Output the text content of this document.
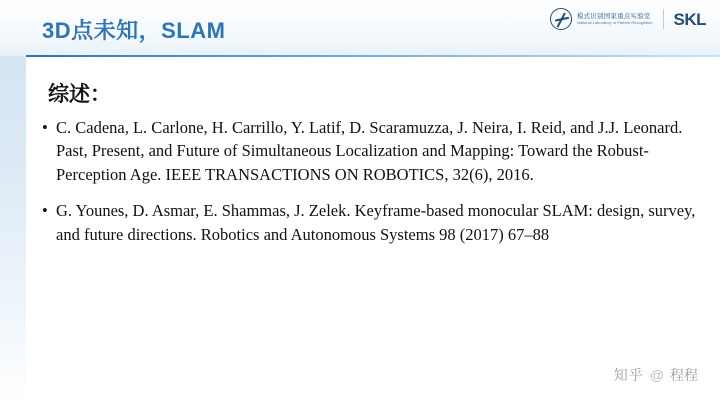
3D点未知，SLAM
模式识别国家重点实验室
National Laboratory of Pattern Recognition SKL
综述：
• C. Cadena, L. Carlone, H. Carrillo, Y. Latif, D. Scaramuzza, J. Neira, I. Reid, and J.J. Leonard. Past, Present, and Future of Simultaneous Localization and Mapping: Toward the Robust-Perception Age. IEEE TRANSACTIONS ON ROBOTICS, 32(6), 2016.
• G. Younes, D. Asmar, E. Shammas, J. Zelek. Keyframe-based monocular SLAM: design, survey, and future directions. Robotics and Autonomous Systems 98 (2017) 67–88
知乎 @ 程程
